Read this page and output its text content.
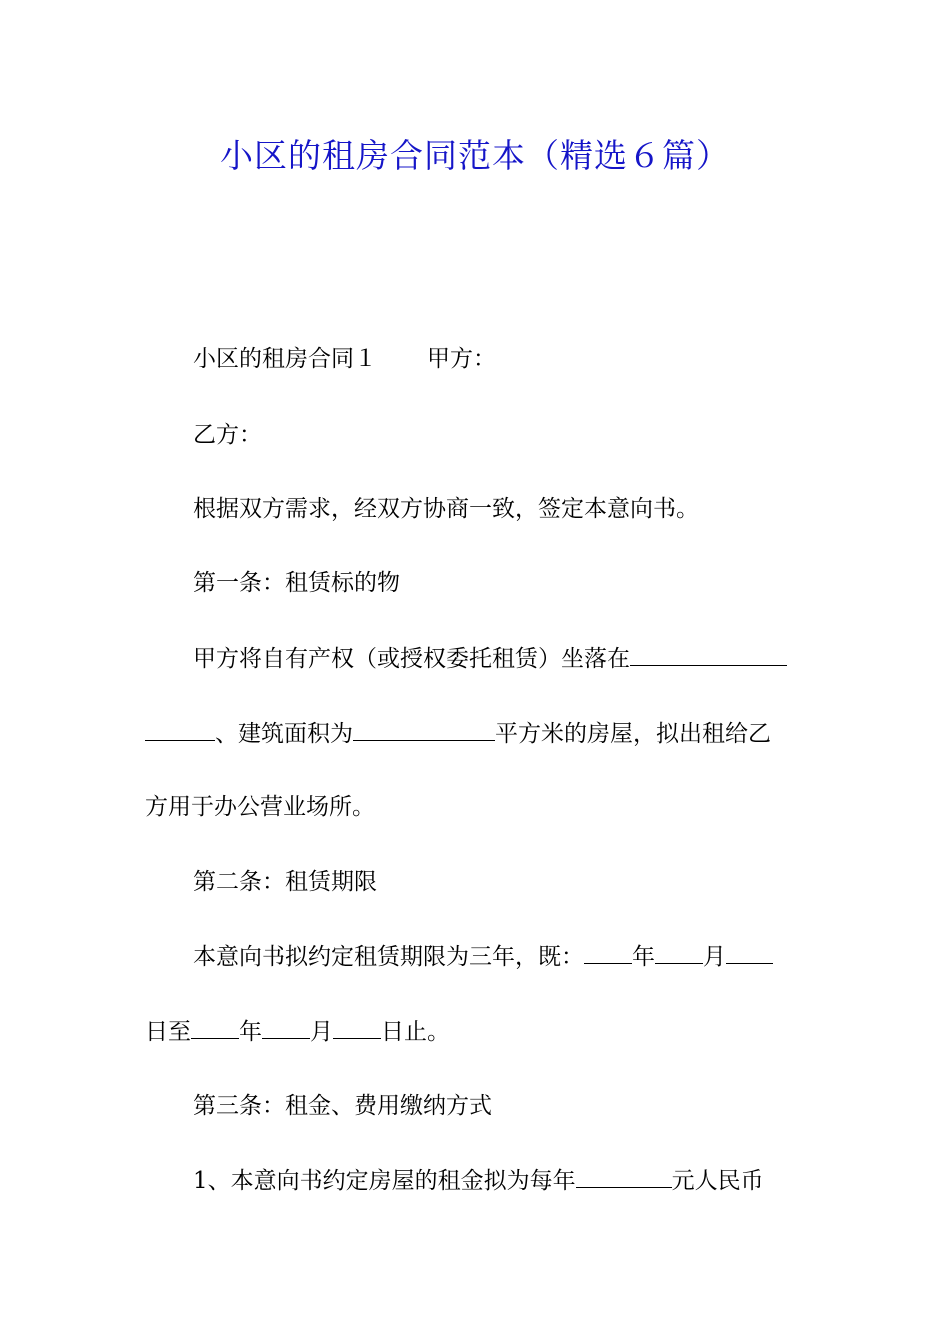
小区的租房合同范本（精选６篇）
小区的租房合同１ 甲方：
乙方：
根据双方需求，经双方协商一致，签定本意向书。
第一条：租赁标的物
甲方将自有产权（或授权委托租赁）坐落在
、建筑面积为	平方米的房屋，拟出租给乙
方用于办公营业场所。
第二条：租赁期限
本意向书拟约定租赁期限为三年，既： 年 月
日至 年 月 日止。
第三条：租金、费用缴纳方式
1、本意向书约定房屋的租金拟为每年	元人民币
